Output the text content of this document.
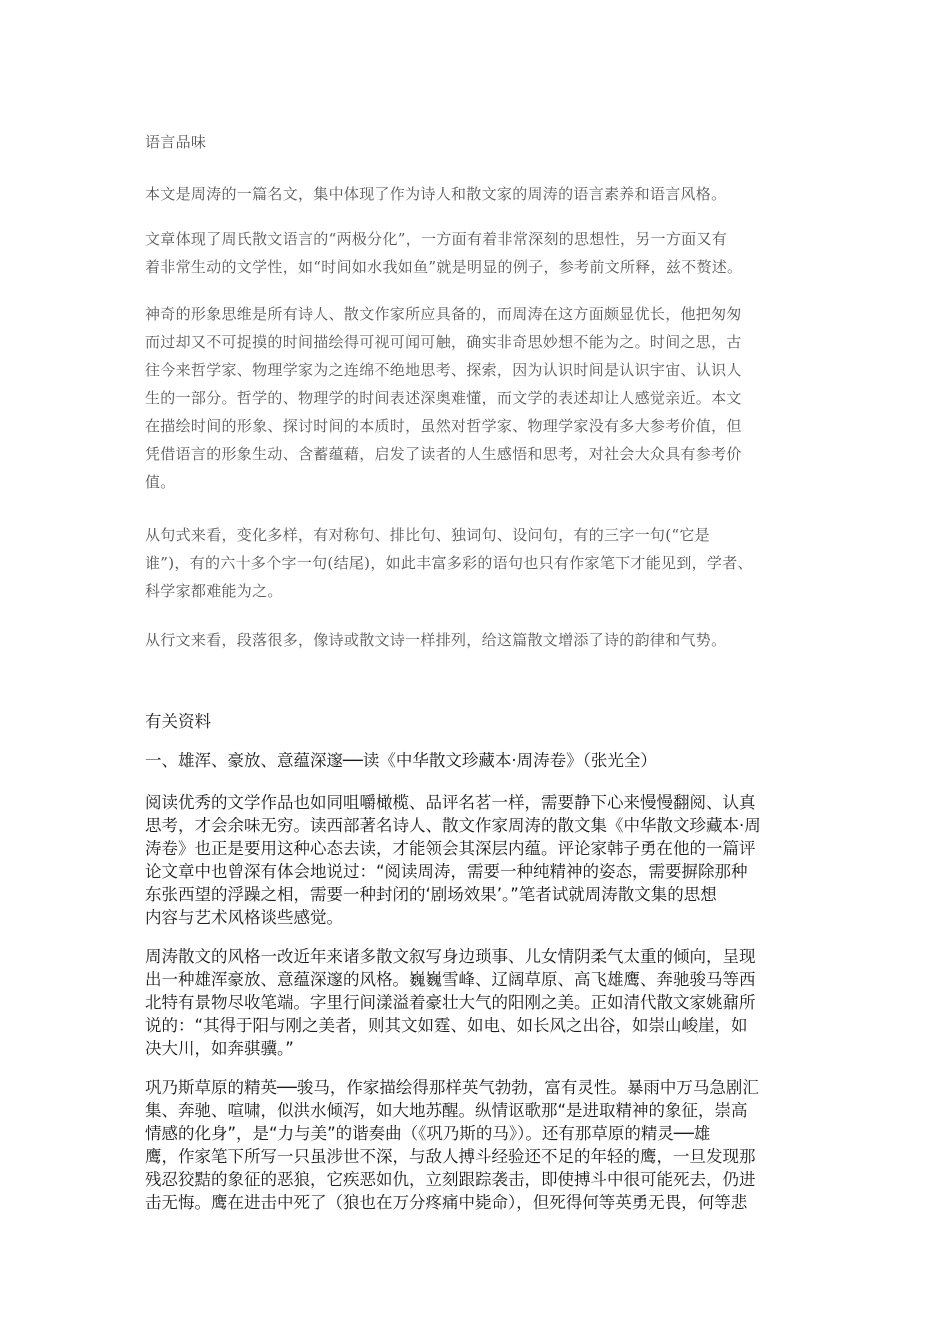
语言品味

本文是周涛的一篇名文，集中体现了作为诗人和散文家的周涛的语言素养和语言风格。

文章体现了周氏散文语言的“两极分化”，一方面有着非常深刻的思想性，另一方面又有
着非常生动的文学性，如“时间如水我如鱼”就是明显的例子，参考前文所释，兹不赘述。

神奇的形象思维是所有诗人、散文作家所应具备的，而周涛在这方面颇显优长，他把匆匆
而过却又不可捉摸的时间描绘得可视可闻可触，确实非奇思妙想不能为之。时间之思，古
往今来哲学家、物理学家为之连绵不绝地思考、探索，因为认识时间是认识宇宙、认识人
生的一部分。哲学的、物理学的时间表述深奥难懂，而文学的表述却让人感觉亲近。本文
在描绘时间的形象、探讨时间的本质时，虽然对哲学家、物理学家没有多大参考价值，但
凭借语言的形象生动、含蓄蕴藉，启发了读者的人生感悟和思考，对社会大众具有参考价
值。

从句式来看，变化多样，有对称句、排比句、独词句、设问句，有的三字一句(“它是
谁”)，有的六十多个字一句(结尾)，如此丰富多彩的语句也只有作家笔下才能见到，学者、
科学家都难能为之。

从行文来看，段落很多，像诗或散文诗一样排列，给这篇散文增添了诗的韵律和气势。

有关资料

一、雄浑、豪放、意蕴深邃──读《中华散文珍藏本·周涛卷》（张光全）

阅读优秀的文学作品也如同咀嚼橄榄、品评名茗一样，需要静下心来慢慢翻阅、认真
思考，才会余味无穷。读西部著名诗人、散文作家周涛的散文集《中华散文珍藏本·周
涛卷》也正是要用这种心态去读，才能领会其深层内蕴。评论家韩子勇在他的一篇评
论文章中也曾深有体会地说过：“阅读周涛，需要一种纯精神的姿态，需要摒除那种
东张西望的浮躁之相，需要一种封闭的‘剧场效果’。”笔者试就周涛散文集的思想
内容与艺术风格谈些感觉。

周涛散文的风格一改近年来诸多散文叙写身边琐事、儿女情阴柔气太重的倾向，呈现
出一种雄浑豪放、意蕴深邃的风格。巍巍雪峰、辽阔草原、高飞雄鹰、奔驰骏马等西
北特有景物尽收笔端。字里行间漾溢着豪壮大气的阳刚之美。正如清代散文家姚鼐所
说的：“其得于阳与刚之美者，则其文如霆、如电、如长风之出谷，如崇山峻崖，如
决大川，如奔骐骥。”

巩乃斯草原的精英──骏马，作家描绘得那样英气勃勃，富有灵性。暴雨中万马急剧汇
集、奔驰、喧啸，似洪水倾泻，如大地苏醒。纵情讴歌那“是进取精神的象征，崇高
情感的化身”，是“力与美”的谐奏曲（《巩乃斯的马》）。还有那草原的精灵──雄
鹰，作家笔下所写一只虽涉世不深，与敌人搏斗经验还不足的年轻的鹰，一旦发现那
残忍狡黠的象征的恶狼，它疾恶如仇，立刻跟踪袭击，即使搏斗中很可能死去，仍进
击无悔。鹰在进击中死了（狼也在万分疼痛中毙命），但死得何等英勇无畏，何等悲
